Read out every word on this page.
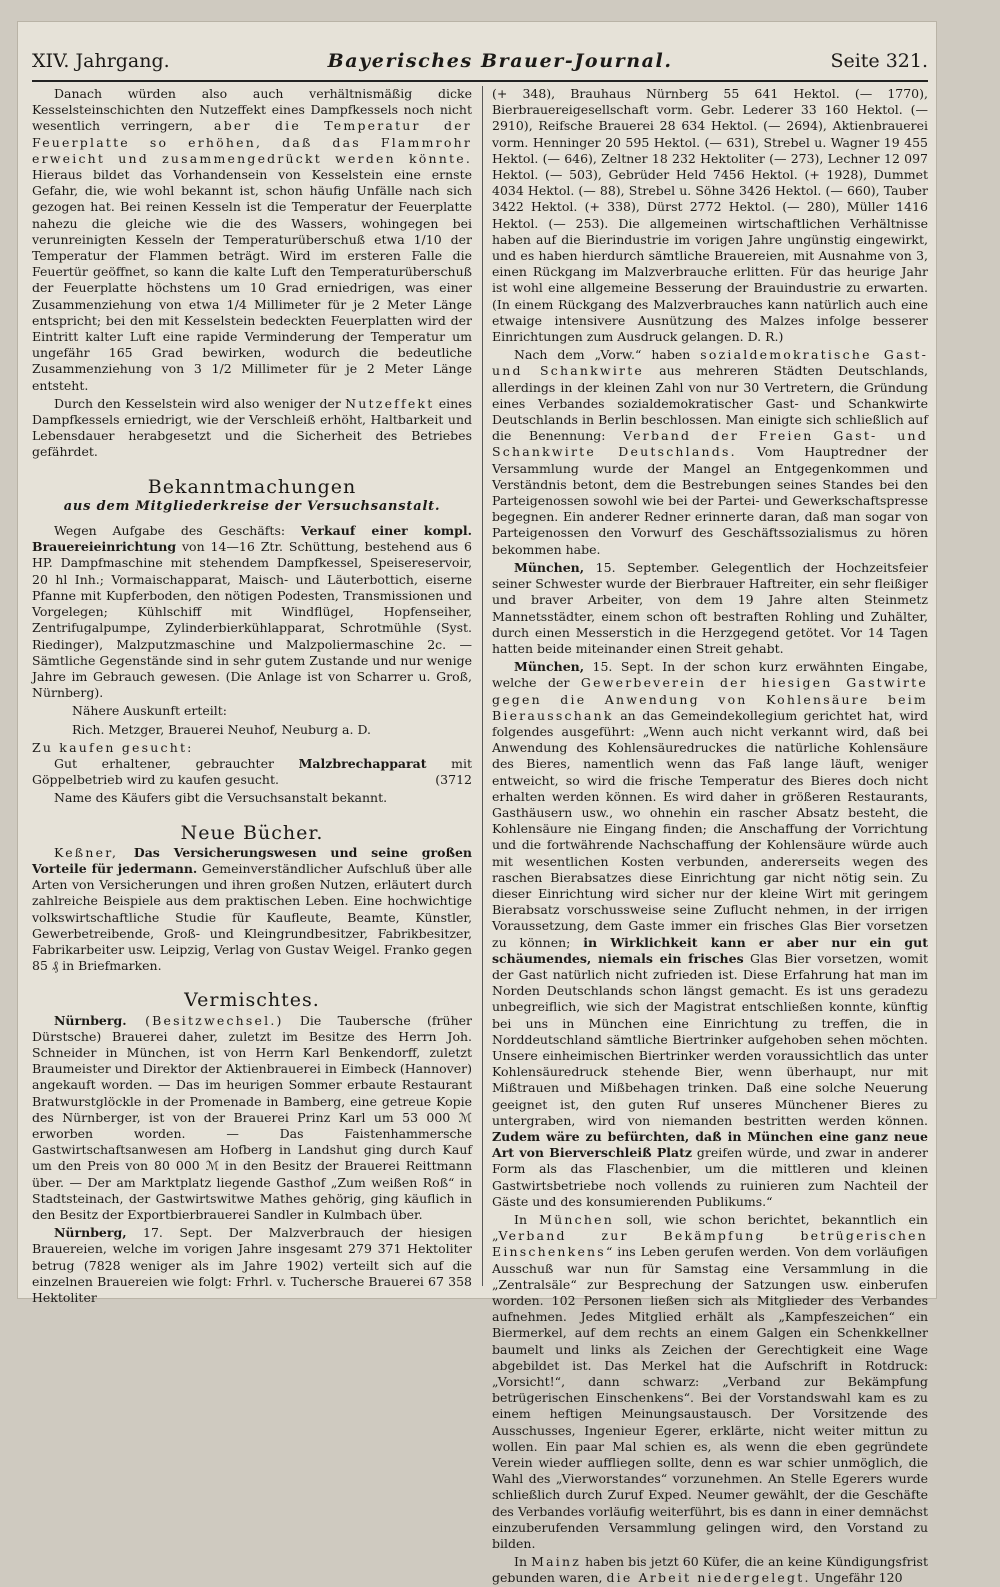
XIV. Jahrgang.	Bayerisches Brauer-Journal.	Seite 321.

Danach würden also auch verhältnismäßig dicke Kesselsteinschichten den Nutzeffekt eines Dampfkessels noch nicht wesentlich verringern, aber die Temperatur der Feuerplatte so erhöhen, daß das Flammrohr erweicht und zusammengedrückt werden könnte. Hieraus bildet das Vorhandensein von Kesselstein eine ernste Gefahr, die, wie wohl bekannt ist, schon häufig Unfälle nach sich gezogen hat. Bei reinen Kesseln ist die Temperatur der Feuerplatte nahezu die gleiche wie die des Wassers, wohingegen bei verunreinigten Kesseln der Temperaturüberschuß etwa 1/10 der Temperatur der Flammen beträgt. Wird im ersteren Falle die Feuertür geöffnet, so kann die kalte Luft den Temperaturüberschuß der Feuerplatte höchstens um 10 Grad erniedrigen, was einer Zusammenziehung von etwa 1/4 Millimeter für je 2 Meter Länge entspricht; bei den mit Kesselstein bedeckten Feuerplatten wird der Eintritt kalter Luft eine rapide Verminderung der Temperatur um ungefähr 165 Grad bewirken, wodurch die bedeutliche Zusammenziehung von 3 1/2 Millimeter für je 2 Meter Länge entsteht.

Durch den Kesselstein wird also weniger der Nutzeffekt eines Dampfkessels erniedrigt, wie der Verschleiß erhöht, Haltbarkeit und Lebensdauer herabgesetzt und die Sicherheit des Betriebes gefährdet.

Bekanntmachungen
aus dem Mitgliederkreise der Versuchsanstalt.

Wegen Aufgabe des Geschäfts: Verkauf einer kompl. Brauereieinrichtung von 14—16 Ztr. Schüttung, bestehend aus 6 HP. Dampfmaschine mit stehendem Dampfkessel, Speisereservoir, 20 hl Inh.; Vormaischapparat, Maisch- und Läuterbottich, eiserne Pfanne mit Kupferboden, den nötigen Podesten, Transmissionen und Vorgelegen; Kühlschiff mit Windflügel, Hopfenseiher, Zentrifugalpumpe, Zylinderbierkühlapparat, Schrotmühle (Syst. Riedinger), Malzputzmaschine und Malzpoliermaschine 2c. — Sämtliche Gegenstände sind in sehr gutem Zustande und nur wenige Jahre im Gebrauch gewesen. (Die Anlage ist von Scharrer u. Groß, Nürnberg).

Nähere Auskunft erteilt:

Rich. Metzger, Brauerei Neuhof, Neuburg a. D.

Zu kaufen gesucht:

Gut erhaltener, gebrauchter Malzbrechapparat mit Göppelbetrieb wird zu kaufen gesucht.	(3712

Name des Käufers gibt die Versuchsanstalt bekannt.

Neue Bücher.

Keßner, Das Versicherungswesen und seine großen Vorteile für jedermann. Gemeinverständlicher Aufschluß über alle Arten von Versicherungen und ihren großen Nutzen, erläutert durch zahlreiche Beispiele aus dem praktischen Leben. Eine hochwichtige volkswirtschaftliche Studie für Kaufleute, Beamte, Künstler, Gewerbetreibende, Groß- und Kleingrundbesitzer, Fabrikbesitzer, Fabrikarbeiter usw. Leipzig, Verlag von Gustav Weigel. Franko gegen 85 ₰ in Briefmarken.

Vermischtes.

Nürnberg. (Besitzwechsel.) Die Taubersche (früher Dürstsche) Brauerei daher, zuletzt im Besitze des Herrn Joh. Schneider in München, ist von Herrn Karl Benkendorff, zuletzt Braumeister und Direktor der Aktienbrauerei in Eimbeck (Hannover) angekauft worden. — Das im heurigen Sommer erbaute Restaurant Bratwurstglöckle in der Promenade in Bamberg, eine getreue Kopie des Nürnberger, ist von der Brauerei Prinz Karl um 53 000 ℳ erworben worden. — Das Faistenhammersche Gastwirtschaftsanwesen am Hofberg in Landshut ging durch Kauf um den Preis von 80 000 ℳ in den Besitz der Brauerei Reittmann über. — Der am Marktplatz liegende Gasthof „Zum weißen Roß“ in Stadtsteinach, der Gastwirtswitwe Mathes gehörig, ging käuflich in den Besitz der Exportbierbrauerei Sandler in Kulmbach über.

Nürnberg, 17. Sept. Der Malzverbrauch der hiesigen Brauereien, welche im vorigen Jahre insgesamt 279 371 Hektoliter betrug (7828 weniger als im Jahre 1902) verteilt sich auf die einzelnen Brauereien wie folgt: Frhrl. v. Tuchersche Brauerei 67 358 Hektoliter

(+ 348), Brauhaus Nürnberg 55 641 Hektol. (— 1770), Bierbrauereigesellschaft vorm. Gebr. Lederer 33 160 Hektol. (— 2910), Reifsche Brauerei 28 634 Hektol. (— 2694), Aktienbrauerei vorm. Henninger 20 595 Hektol. (— 631), Strebel u. Wagner 19 455 Hektol. (— 646), Zeltner 18 232 Hektoliter (— 273), Lechner 12 097 Hektol. (— 503), Gebrüder Held 7456 Hektol. (+ 1928), Dummet 4034 Hektol. (— 88), Strebel u. Söhne 3426 Hektol. (— 660), Tauber 3422 Hektol. (+ 338), Dürst 2772 Hektol. (— 280), Müller 1416 Hektol. (— 253). Die allgemeinen wirtschaftlichen Verhältnisse haben auf die Bierindustrie im vorigen Jahre ungünstig eingewirkt, und es haben hierdurch sämtliche Brauereien, mit Ausnahme von 3, einen Rückgang im Malzverbrauche erlitten. Für das heurige Jahr ist wohl eine allgemeine Besserung der Brauindustrie zu erwarten. (In einem Rückgang des Malzverbrauches kann natürlich auch eine etwaige intensivere Ausnützung des Malzes infolge besserer Einrichtungen zum Ausdruck gelangen. D. R.)

Nach dem „Vorw.“ haben sozialdemokratische Gast- und Schankwirte aus mehreren Städten Deutschlands, allerdings in der kleinen Zahl von nur 30 Vertretern, die Gründung eines Verbandes sozialdemokratischer Gast- und Schankwirte Deutschlands in Berlin beschlossen. Man einigte sich schließlich auf die Benennung: Verband der Freien Gast- und Schankwirte Deutschlands. Vom Hauptredner der Versammlung wurde der Mangel an Entgegenkommen und Verständnis betont, dem die Bestrebungen seines Standes bei den Parteigenossen sowohl wie bei der Partei- und Gewerkschaftspresse begegnen. Ein anderer Redner erinnerte daran, daß man sogar von Parteigenossen den Vorwurf des Geschäftssozialismus zu hören bekommen habe.

München, 15. September. Gelegentlich der Hochzeitsfeier seiner Schwester wurde der Bierbrauer Haftreiter, ein sehr fleißiger und braver Arbeiter, von dem 19 Jahre alten Steinmetz Mannetsstädter, einem schon oft bestraften Rohling und Zuhälter, durch einen Messerstich in die Herzgegend getötet. Vor 14 Tagen hatten beide miteinander einen Streit gehabt.

München, 15. Sept. In der schon kurz erwähnten Eingabe, welche der Gewerbeverein der hiesigen Gastwirte gegen die Anwendung von Kohlensäure beim Bierausschank an das Gemeindekollegium gerichtet hat, wird folgendes ausgeführt: „Wenn auch nicht verkannt wird, daß bei Anwendung des Kohlensäuredruckes die natürliche Kohlensäure des Bieres, namentlich wenn das Faß lange läuft, weniger entweicht, so wird die frische Temperatur des Bieres doch nicht erhalten werden können. Es wird daher in größeren Restaurants, Gasthäusern usw., wo ohnehin ein rascher Absatz besteht, die Kohlensäure nie Eingang finden; die Anschaffung der Vorrichtung und die fortwährende Nachschaffung der Kohlensäure würde auch mit wesentlichen Kosten verbunden, andererseits wegen des raschen Bierabsatzes diese Einrichtung gar nicht nötig sein. Zu dieser Einrichtung wird sicher nur der kleine Wirt mit geringem Bierabsatz vorschussweise seine Zuflucht nehmen, in der irrigen Voraussetzung, dem Gaste immer ein frisches Glas Bier vorsetzen zu können; in Wirklichkeit kann er aber nur ein gut schäumendes, niemals ein frisches Glas Bier vorsetzen, womit der Gast natürlich nicht zufrieden ist. Diese Erfahrung hat man im Norden Deutschlands schon längst gemacht. Es ist uns geradezu unbegreiflich, wie sich der Magistrat entschließen konnte, künftig bei uns in München eine Einrichtung zu treffen, die in Norddeutschland sämtliche Biertrinker aufgehoben sehen möchten. Unsere einheimischen Biertrinker werden voraussichtlich das unter Kohlensäuredruck stehende Bier, wenn überhaupt, nur mit Mißtrauen und Mißbehagen trinken. Daß eine solche Neuerung geeignet ist, den guten Ruf unseres Münchener Bieres zu untergraben, wird von niemanden bestritten werden können. Zudem wäre zu befürchten, daß in München eine ganz neue Art von Bierverschleiß Platz greifen würde, und zwar in anderer Form als das Flaschenbier, um die mittleren und kleinen Gastwirtsbetriebe noch vollends zu ruinieren zum Nachteil der Gäste und des konsumierenden Publikums.“

In München soll, wie schon berichtet, bekanntlich ein „Verband zur Bekämpfung betrügerischen Einschenkens“ ins Leben gerufen werden. Von dem vorläufigen Ausschuß war nun für Samstag eine Versammlung in die „Zentralsäle“ zur Besprechung der Satzungen usw. einberufen worden. 102 Personen ließen sich als Mitglieder des Verbandes aufnehmen. Jedes Mitglied erhält als „Kampfeszeichen“ ein Biermerkel, auf dem rechts an einem Galgen ein Schenkkellner baumelt und links als Zeichen der Gerechtigkeit eine Wage abgebildet ist. Das Merkel hat die Aufschrift in Rotdruck: „Vorsicht!“, dann schwarz: „Verband zur Bekämpfung betrügerischen Einschenkens“. Bei der Vorstandswahl kam es zu einem heftigen Meinungsaustausch. Der Vorsitzende des Ausschusses, Ingenieur Egerer, erklärte, nicht weiter mittun zu wollen. Ein paar Mal schien es, als wenn die eben gegründete Verein wieder auffliegen sollte, denn es war schier unmöglich, die Wahl des „Vierworstandes“ vorzunehmen. An Stelle Egerers wurde schließlich durch Zuruf Exped. Neumer gewählt, der die Geschäfte des Verbandes vorläufig weiterführt, bis es dann in einer demnächst einzuberufenden Versammlung gelingen wird, den Vorstand zu bilden.

In Mainz haben bis jetzt 60 Küfer, die an keine Kündigungsfrist gebunden waren, die Arbeit niedergelegt. Ungefähr 120
